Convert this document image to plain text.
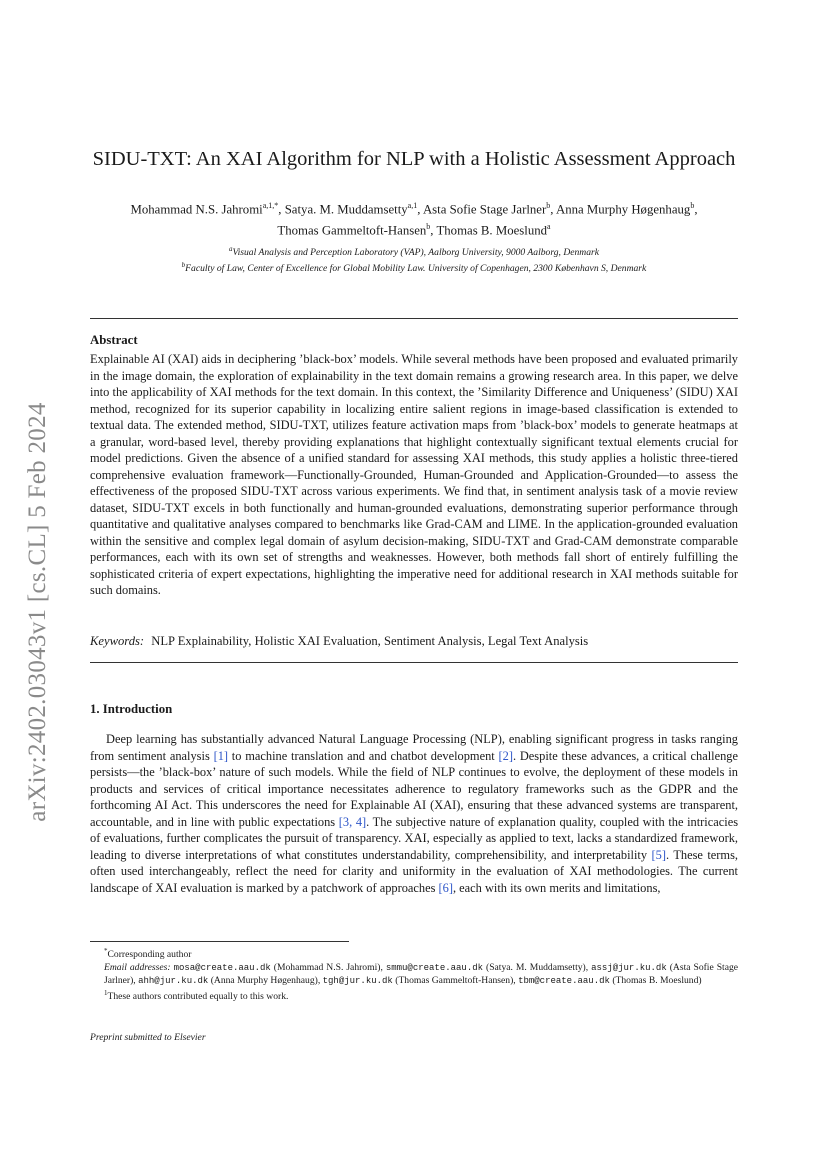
arXiv:2402.03043v1 [cs.CL] 5 Feb 2024
SIDU-TXT: An XAI Algorithm for NLP with a Holistic Assessment Approach
Mohammad N.S. Jahromi$^{a,1,*}$, Satya. M. Muddamsetty$^{a,1}$, Asta Sofie Stage Jarlner$^b$, Anna Murphy Høgenhaug$^b$,
Thomas Gammeltoft-Hansen$^b$, Thomas B. Moeslund$^a$
$^a$Visual Analysis and Perception Laboratory (VAP), Aalborg University, 9000 Aalborg, Denmark
$^b$Faculty of Law, Center of Excellence for Global Mobility Law. University of Copenhagen, 2300 København S, Denmark
Abstract
Explainable AI (XAI) aids in deciphering ’black-box’ models. While several methods have been proposed and evaluated primarily in the image domain, the exploration of explainability in the text domain remains a growing research area. In this paper, we delve into the applicability of XAI methods for the text domain. In this context, the ’Similarity Difference and Uniqueness’ (SIDU) XAI method, recognized for its superior capability in localizing entire salient regions in image-based classification is extended to textual data. The extended method, SIDU-TXT, utilizes feature activation maps from ’black-box’ models to generate heatmaps at a granular, word-based level, thereby providing explanations that highlight contextually significant textual elements crucial for model predictions. Given the absence of a unified standard for assessing XAI methods, this study applies a holistic three-tiered comprehensive evaluation framework—Functionally-Grounded, Human-Grounded and Application-Grounded—to assess the effectiveness of the proposed SIDU-TXT across various experiments. We find that, in sentiment analysis task of a movie review dataset, SIDU-TXT excels in both functionally and human-grounded evaluations, demonstrating superior performance through quantitative and qualitative analyses compared to benchmarks like Grad-CAM and LIME. In the application-grounded evaluation within the sensitive and complex legal domain of asylum decision-making, SIDU-TXT and Grad-CAM demonstrate comparable performances, each with its own set of strengths and weaknesses. However, both methods fall short of entirely fulfilling the sophisticated criteria of expert expectations, highlighting the imperative need for additional research in XAI methods suitable for such domains.
Keywords: NLP Explainability, Holistic XAI Evaluation, Sentiment Analysis, Legal Text Analysis
1. Introduction
Deep learning has substantially advanced Natural Language Processing (NLP), enabling significant progress in tasks ranging from sentiment analysis [1] to machine translation and and chatbot development [2]. Despite these advances, a critical challenge persists—the ’black-box’ nature of such models. While the field of NLP continues to evolve, the deployment of these models in products and services of critical importance necessitates adherence to regulatory frameworks such as the GDPR and the forthcoming AI Act. This underscores the need for Explainable AI (XAI), ensuring that these advanced systems are transparent, accountable, and in line with public expectations [3, 4]. The subjective nature of explanation quality, coupled with the intricacies of evaluations, further complicates the pursuit of transparency. XAI, especially as applied to text, lacks a standardized framework, leading to diverse interpretations of what constitutes understandability, comprehensibility, and interpretability [5]. These terms, often used interchangeably, reflect the need for clarity and uniformity in the evaluation of XAI methodologies. The current landscape of XAI evaluation is marked by a patchwork of approaches [6], each with its own merits and limitations,

*Corresponding author

Email addresses: mosa@create.aau.dk (Mohammad N.S. Jahromi), smmu@create.aau.dk (Satya. M. Muddamsetty), assj@jur.ku.dk (Asta Sofie Stage Jarlner), ahh@jur.ku.dk (Anna Murphy Høgenhaug), tgh@jur.ku.dk (Thomas Gammeltoft-Hansen), tbm@create.aau.dk (Thomas B. Moeslund)

$^1$These authors contributed equally to this work.

Preprint submitted to Elsevier
